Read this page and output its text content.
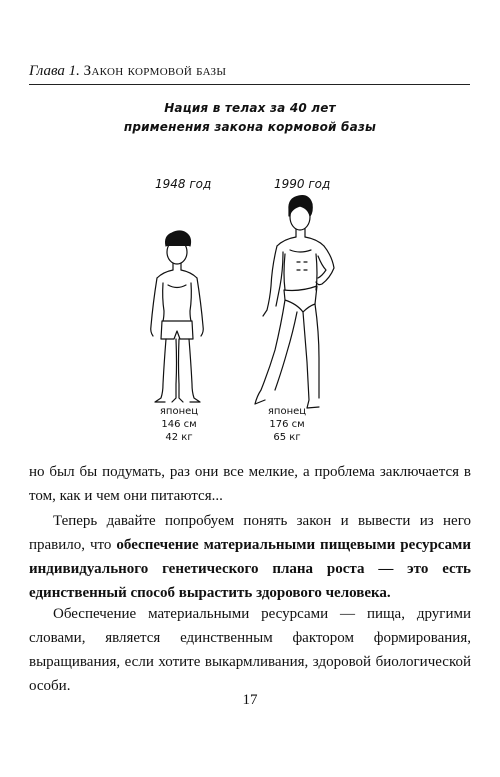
Глава 1. Закон кормовой базы
Нация в телах за 40 лет
применения закона кормовой базы
1948 год	1990 год
японец
146 см
42 кг
японец
176 см
65 кг
но был бы подумать, раз они все мелкие, а проблема заключается в том, как и чем они питаются...
Теперь давайте попробуем понять закон и вывести из него правило, что обеспечение материальными пищевыми ресурсами индивидуального генетического плана роста — это есть единственный способ вырастить здорового человека.
Обеспечение материальными ресурсами — пища, другими словами, является единственным фактором формирования, выращивания, если хотите выкармливания, здоровой биологической особи.
17
